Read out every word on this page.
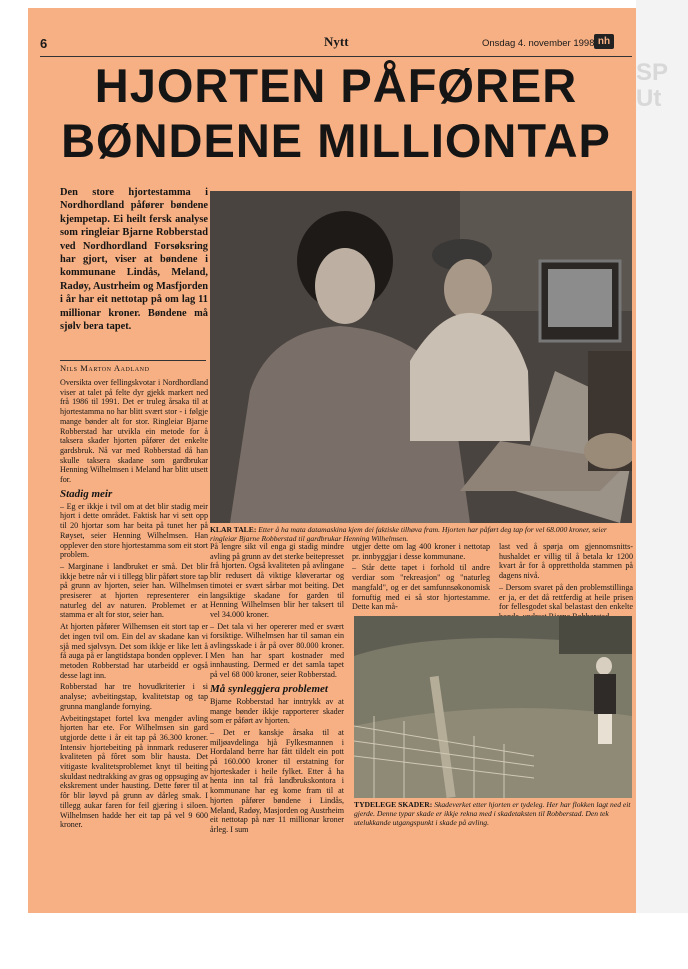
SP
Ut
6	Nytt	Onsdag 4. november 1998 nh
HJORTEN PÅFØRER
BØNDENE MILLIONTAP
Den store hjortestamma i Nordhordland påfører bøndene kjempetap. Ei heilt fersk analyse som ringleiar Bjarne Robberstad ved Nordhordland Forsøksring har gjort, viser at bøndene i kommunane Lindås, Meland, Radøy, Austrheim og Masfjorden i år har eit nettotap på om lag 11 millionar kroner. Bøndene må sjølv bera tapet.
Nils Marton Aadland

Oversikta over fellingskvotar i Nordhordland viser at talet på felte dyr gjekk markert ned frå 1986 til 1991. Det er truleg årsaka til at hjortestamma no har blitt svært stor - i følgje mange bønder alt for stor. Ringleiar Bjarne Robberstad har utvikla ein metode for å taksera skader hjorten påfører det enkelte gardsbruk. Nå var med Robberstad då han skulle taksera skadane som gardbrukar Henning Wilhelmsen i Meland har blitt utsett for.

Stadig meir

– Eg er ikkje i tvil om at det blir stadig meir hjort i dette området. Faktisk har vi sett opp til 20 hjortar som har beita på tunet her på Røyset, seier Henning Wilhelmsen. Han opplever den store hjortestamma som eit stort problem.

– Marginane i landbruket er små. Det blir ikkje betre når vi i tillegg blir påført store tap på grunn av hjorten, seier han. Wilhelmsen presiserer at hjorten representerer ein naturleg del av naturen. Problemet er at stamma er alt for stor, seier han.

At hjorten påfører Wilhemsen eit stort tap er det ingen tvil om. Ein del av skadane kan vi sjå med sjølvsyn. Det som ikkje er like lett å få auga på er langtidstapa bonden opplever. I metoden Robberstad har utarbeidd er også desse lagt inn.

Robberstad har tre hovudkriterier i si analyse; avbeitingstap, kvalitetstap og tap grunna manglande fornying.

Avbeitingstapet fortel kva mengder avling hjorten har ete. For Wilhelmsen sin gard utgjorde dette i år eit tap på 36.300 kroner. Intensiv hjortebeiting på innmark reduserer kvaliteten på fôret som blir hausta. Det vitigaste kvalitetsproblemet knyt til beiting skuldast nedtrakking av gras og oppsuging av ekskrement under hausting. Dette fører til at fôr blir løyvd på grunn av dårleg smak. I tillegg aukar faren for feil gjæring i siloen. Wilhelmsen hadde her eit tap på vel 9 600 kroner.

KLAR TALE: Etter å ha mata datamaskina kjem dei faktiske tilhøva fram. Hjorten har påført deg tap for vel 68.000 kroner, seier ringleiar Bjarne Robberstad til gardbrukar Henning Wilhelmsen.

På lengre sikt vil enga gi stadig mindre avling på grunn av det sterke beitepresset frå hjorten. Også kvaliteten på avlingane blir redusert då viktige kløverartar og timotei er svært sårbar mot beiting. Det langsiktige skadane for garden til Henning Wilhelmsen blir her taksert til vel 34.000 kroner.

– Det tala vi her opererer med er svært forsiktige. Wilhelmsen har til saman ein avlingsskade i år på over 80.000 kroner. Men han har spart kostnader med innhausting. Dermed er det samla tapet på vel 68 000 kroner, seier Robberstad.

Må synleggjera problemet

Bjarne Robberstad har inntrykk av at mange bønder ikkje rapporterer skader som er påført av hjorten.

– Det er kanskje årsaka til at miljøavdelinga hjå Fylkesmannen i Hordaland berre har fått tildelt ein pott på 160.000 kroner til erstatning for hjorteskader i heile fylket. Etter å ha henta inn tal frå landbrukskontora i kommunane har eg kome fram til at hjorten påfører bøndene i Lindås, Meland, Radøy, Masjorden og Austrheim eit nettotap på nær 11 millionar kroner årleg. I sum

utgjer dette om lag 400 kroner i nettotap pr. innbyggjar i desse kommunane.

– Står dette tapet i forhold til andre verdiar som "rekreasjon" og "naturleg mangfald", og er det samfunnsøkonomisk fornuftig med ei så stor hjortestamme. Dette kan må-

last ved å spørja om gjennomsnitts-hushaldet er villig til å betala kr 1200 kvart år for å opprettholda stammen på dagens nivå.

– Dersom svaret på den problemstillinga er ja, er det då rettferdig at heile prisen for fellesgodet skal belastast den enkelte

TYDELEGE SKADER: Skadeverket etter hjorten er tydeleg. Her har flokken lagt ned eit gjerde. Denne typar skade er ikkje rekna med i skadetaksten til Robberstad. Den tek utelukkande utgangspunkt i skade på avling.
